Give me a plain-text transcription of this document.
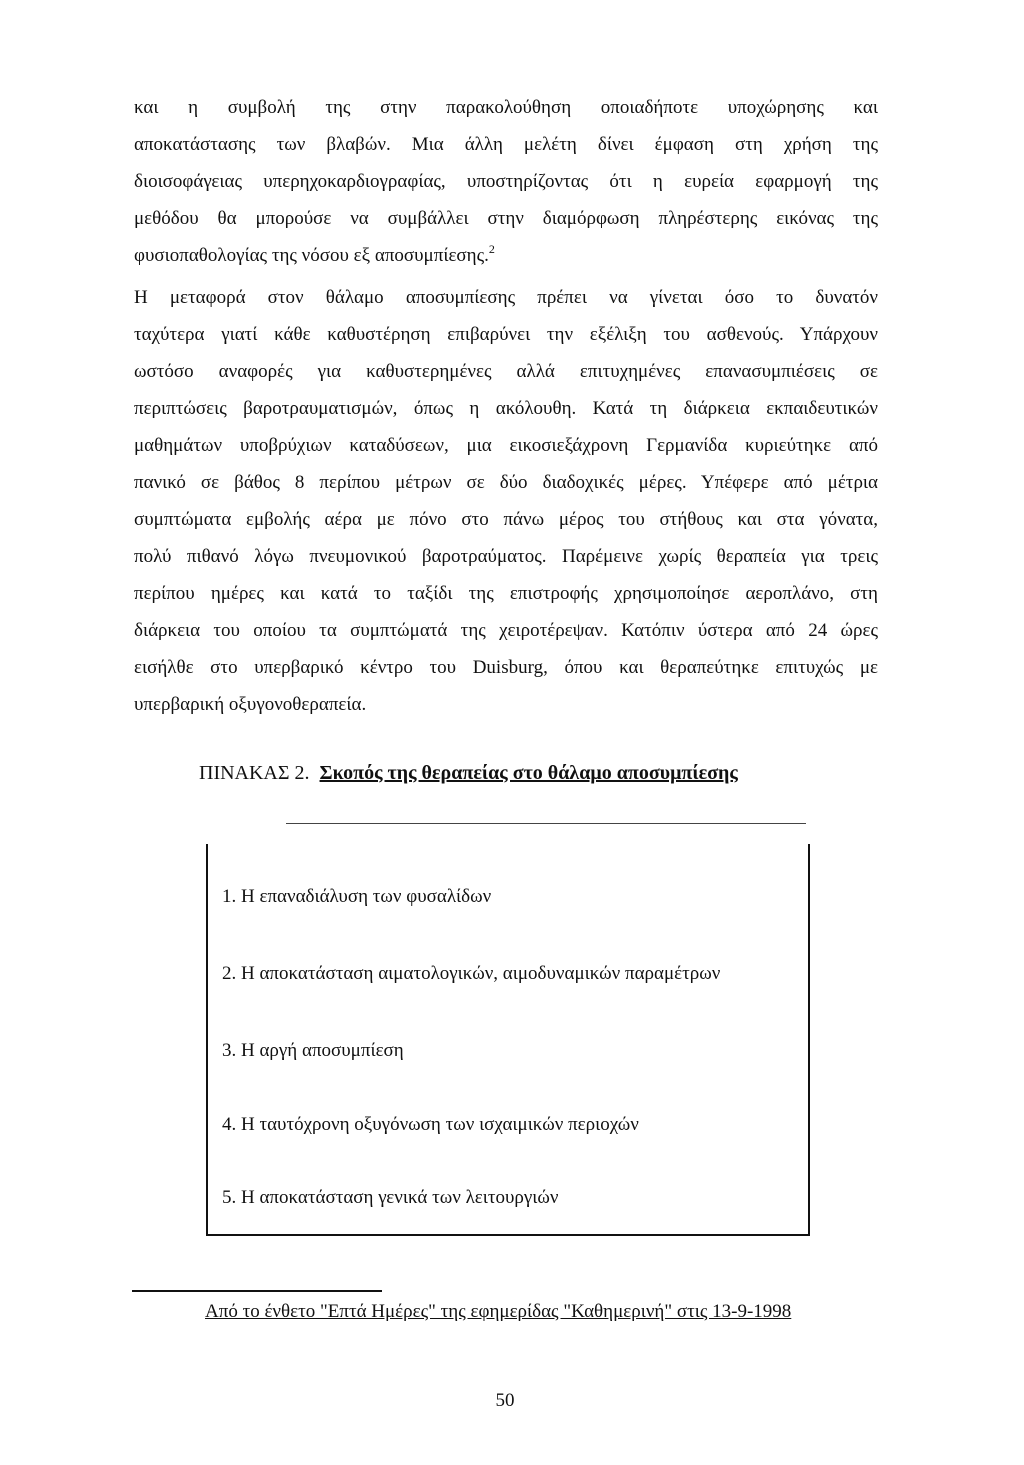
και η συμβολή της στην παρακολούθηση οποιαδήποτε υποχώρησης και
αποκατάστασης των βλαβών. Μια άλλη μελέτη δίνει έμφαση στη χρήση της
διοισοφάγειας υπερηχοκαρδιογραφίας, υποστηρίζοντας ότι η ευρεία εφαρμογή της
μεθόδου θα μπορούσε να συμβάλλει στην διαμόρφωση πληρέστερης εικόνας της
φυσιοπαθολογίας της νόσου εξ αποσυμπίεσης.$^2$
Η μεταφορά στον θάλαμο αποσυμπίεσης πρέπει να γίνεται όσο το δυνατόν
ταχύτερα γιατί κάθε καθυστέρηση επιβαρύνει την εξέλιξη του ασθενούς. Υπάρχουν
ωστόσο αναφορές για καθυστερημένες αλλά επιτυχημένες επανασυμπιέσεις σε
περιπτώσεις βαροτραυματισμών, όπως η ακόλουθη. Κατά τη διάρκεια εκπαιδευτικών
μαθημάτων υποβρύχιων καταδύσεων, μια εικοσιεξάχρονη Γερμανίδα κυριεύτηκε από
πανικό σε βάθος 8 περίπου μέτρων σε δύο διαδοχικές μέρες. Υπέφερε από μέτρια
συμπτώματα εμβολής αέρα με πόνο στο πάνω μέρος του στήθους και στα γόνατα,
πολύ πιθανό λόγω πνευμονικού βαροτραύματος. Παρέμεινε χωρίς θεραπεία για τρεις
περίπου ημέρες και κατά το ταξίδι της επιστροφής χρησιμοποίησε αεροπλάνο, στη
διάρκεια του οποίου τα συμπτώματά της χειροτέρεψαν. Κατόπιν ύστερα από 24 ώρες
εισήλθε στο υπερβαρικό κέντρο του Duisburg, όπου και θεραπεύτηκε επιτυχώς με
υπερβαρική οξυγονοθεραπεία.
ΠΙΝΑΚΑΣ 2. Σκοπός της θεραπείας στο θάλαμο αποσυμπίεσης
1. Η επαναδιάλυση των φυσαλίδων
2. Η αποκατάσταση αιματολογικών, αιμοδυναμικών παραμέτρων
3. Η αργή αποσυμπίεση
4. Η ταυτόχρονη οξυγόνωση των ισχαιμικών περιοχών
5. Η αποκατάσταση γενικά των λειτουργιών
Από το ένθετο "Επτά Ημέρες" της εφημερίδας "Καθημερινή" στις 13-9-1998
50
